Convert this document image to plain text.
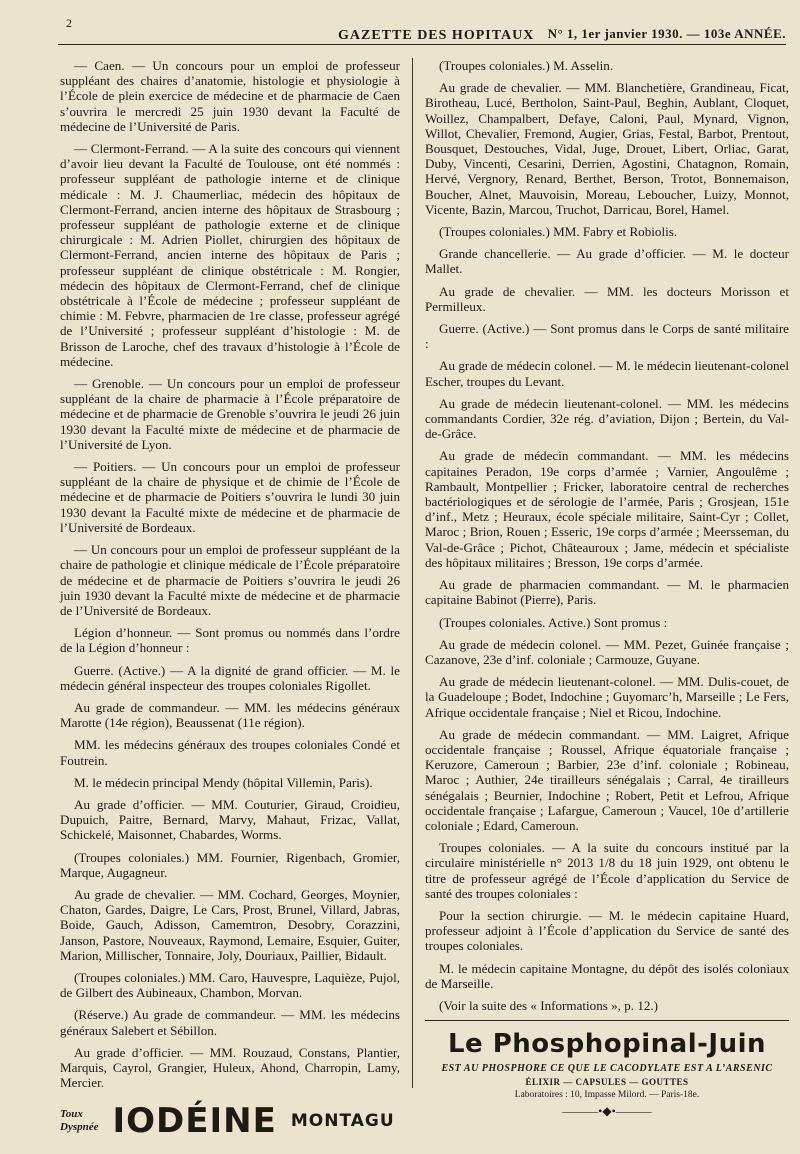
2
GAZETTE DES HOPITAUX N° 1, 1er janvier 1930. — 103e ANNÉE.

— Caen. — Un concours pour un emploi de professeur suppléant des chaires d’anatomie, histologie et physiologie à l’École de plein exercice de médecine et de pharmacie de Caen s’ouvrira le mercredi 25 juin 1930 devant la Faculté de médecine de l’Université de Paris.

— Clermont-Ferrand. — A la suite des concours qui viennent d’avoir lieu devant la Faculté de Toulouse, ont été nommés : professeur suppléant de pathologie interne et de clinique médicale : M. J. Chaumerliac, médecin des hôpitaux de Clermont-Ferrand, ancien interne des hôpitaux de Strasbourg ; professeur suppléant de pathologie externe et de clinique chirurgicale : M. Adrien Piollet, chirurgien des hôpitaux de Clermont-Ferrand, ancien interne des hôpitaux de Paris ; professeur suppléant de clinique obstétricale : M. Rongier, médecin des hôpitaux de Clermont-Ferrand, chef de clinique obstétricale à l’École de médecine ; professeur suppléant de chimie : M. Febvre, pharmacien de 1re classe, professeur agrégé de l’Université ; professeur suppléant d’histologie : M. de Brisson de Laroche, chef des travaux d’histologie à l’École de médecine.

— Grenoble. — Un concours pour un emploi de professeur suppléant de la chaire de pharmacie à l’École préparatoire de médecine et de pharmacie de Grenoble s’ouvrira le jeudi 26 juin 1930 devant la Faculté mixte de médecine et de pharmacie de l’Université de Lyon.

— Poitiers. — Un concours pour un emploi de professeur suppléant de la chaire de physique et de chimie de l’École de médecine et de pharmacie de Poitiers s’ouvrira le lundi 30 juin 1930 devant la Faculté mixte de médecine et de pharmacie de l’Université de Bordeaux.

— Un concours pour un emploi de professeur suppléant de la chaire de pathologie et clinique médicale de l’École préparatoire de médecine et de pharmacie de Poitiers s’ouvrira le jeudi 26 juin 1930 devant la Faculté mixte de médecine et de pharmacie de l’Université de Bordeaux.

Légion d’honneur. — Sont promus ou nommés dans l’ordre de la Légion d’honneur :

Guerre. (Active.) — A la dignité de grand officier. — M. le médecin général inspecteur des troupes coloniales Rigollet.

Au grade de commandeur. — MM. les médecins généraux Marotte (14e région), Beaussenat (11e région).

MM. les médecins généraux des troupes coloniales Condé et Foutrein.

M. le médecin principal Mendy (hôpital Villemin, Paris).

Au grade d’officier. — MM. Couturier, Giraud, Croidieu, Dupuich, Paitre, Bernard, Marvy, Mahaut, Frizac, Vallat, Schickelé, Maisonnet, Chabardes, Worms.

(Troupes coloniales.) MM. Fournier, Rigenbach, Gromier, Marque, Augagneur.

Au grade de chevalier. — MM. Cochard, Georges, Moynier, Chaton, Gardes, Daigre, Le Cars, Prost, Brunel, Villard, Jabras, Boide, Gauch, Adisson, Camemtron, Desobry, Corazzini, Janson, Pastore, Nouveaux, Raymond, Lemaire, Esquier, Guiter, Marion, Millischer, Tonnaire, Joly, Douriaux, Paillier, Bidault.

(Troupes coloniales.) MM. Caro, Hauvespre, Laquièze, Pujol, de Gilbert des Aubineaux, Chambon, Morvan.

(Réserve.) Au grade de commandeur. — MM. les médecins généraux Salebert et Sébillon.

Au grade d’officier. — MM. Rouzaud, Constans, Plantier, Marquis, Cayrol, Grangier, Huleux, Ahond, Charropin, Lamy, Mercier.

(Troupes coloniales.) M. Asselin.

Au grade de chevalier. — MM. Blanchetière, Grandineau, Ficat, Birotheau, Lucé, Bertholon, Saint-Paul, Beghin, Aublant, Cloquet, Woillez, Champalbert, Defaye, Caloni, Paul, Mynard, Vignon, Willot, Chevalier, Fremond, Augier, Grias, Festal, Barbot, Prentout, Bousquet, Destouches, Vidal, Juge, Drouet, Libert, Orliac, Garat, Duby, Vincenti, Cesarini, Derrien, Agostini, Chatagnon, Romain, Hervé, Vergnory, Renard, Berthet, Berson, Trotot, Bonnemaison, Boucher, Alnet, Mauvoisin, Moreau, Leboucher, Luizy, Monnot, Vicente, Bazin, Marcou, Truchot, Darricau, Borel, Hamel.

(Troupes coloniales.) MM. Fabry et Robiolis.

Grande chancellerie. — Au grade d’officier. — M. le docteur Mallet.

Au grade de chevalier. — MM. les docteurs Morisson et Permilleux.

Guerre. (Active.) — Sont promus dans le Corps de santé militaire :

Au grade de médecin colonel. — M. le médecin lieutenant-colonel Escher, troupes du Levant.

Au grade de médecin lieutenant-colonel. — MM. les médecins commandants Cordier, 32e rég. d’aviation, Dijon ; Bertein, du Val-de-Grâce.

Au grade de médecin commandant. — MM. les médecins capitaines Peradon, 19e corps d’armée ; Varnier, Angoulême ; Rambault, Montpellier ; Fricker, laboratoire central de recherches bactériologiques et de sérologie de l’armée, Paris ; Grosjean, 151e d’inf., Metz ; Heuraux, école spéciale militaire, Saint-Cyr ; Collet, Maroc ; Brion, Rouen ; Esseric, 19e corps d’armée ; Meersseman, du Val-de-Grâce ; Pichot, Châteauroux ; Jame, médecin et spécialiste des hôpitaux militaires ; Bresson, 19e corps d’armée.

Au grade de pharmacien commandant. — M. le pharmacien capitaine Babinot (Pierre), Paris.

(Troupes coloniales. Active.) Sont promus :

Au grade de médecin colonel. — MM. Pezet, Guinée française ; Cazanove, 23e d’inf. coloniale ; Carmouze, Guyane.

Au grade de médecin lieutenant-colonel. — MM. Dulis-couet, de la Guadeloupe ; Bodet, Indochine ; Guyomarc’h, Marseille ; Le Fers, Afrique occidentale française ; Niel et Ricou, Indochine.

Au grade de médecin commandant. — MM. Laigret, Afrique occidentale française ; Roussel, Afrique équatoriale française ; Keruzore, Cameroun ; Barbier, 23e d’inf. coloniale ; Robineau, Maroc ; Authier, 24e tirailleurs sénégalais ; Carral, 4e tirailleurs sénégalais ; Beurnier, Indochine ; Robert, Petit et Lefrou, Afrique occidentale française ; Lafargue, Cameroun ; Vaucel, 10e d’artillerie coloniale ; Edard, Cameroun.

Troupes coloniales. — A la suite du concours institué par la circulaire ministérielle n° 2013 1/8 du 18 juin 1929, ont obtenu le titre de professeur agrégé de l’École d’application du Service de santé des troupes coloniales :

Pour la section chirurgie. — M. le médecin capitaine Huard, professeur adjoint à l’École d’application du Service de santé des troupes coloniales.

M. le médecin capitaine Montagne, du dépôt des isolés coloniaux de Marseille.

(Voir la suite des « Informations », p. 12.)

Le Phosphopinal-Juin
EST AU PHOSPHORE CE QUE LE CACODYLATE EST A L’ARSENIC
ÉLIXIR — CAPSULES — GOUTTES
Laboratoires : 10, Impasse Milord. — Paris-18e.
———•◆•———
Toux
Dyspnée IODÉINE MONTAGU
